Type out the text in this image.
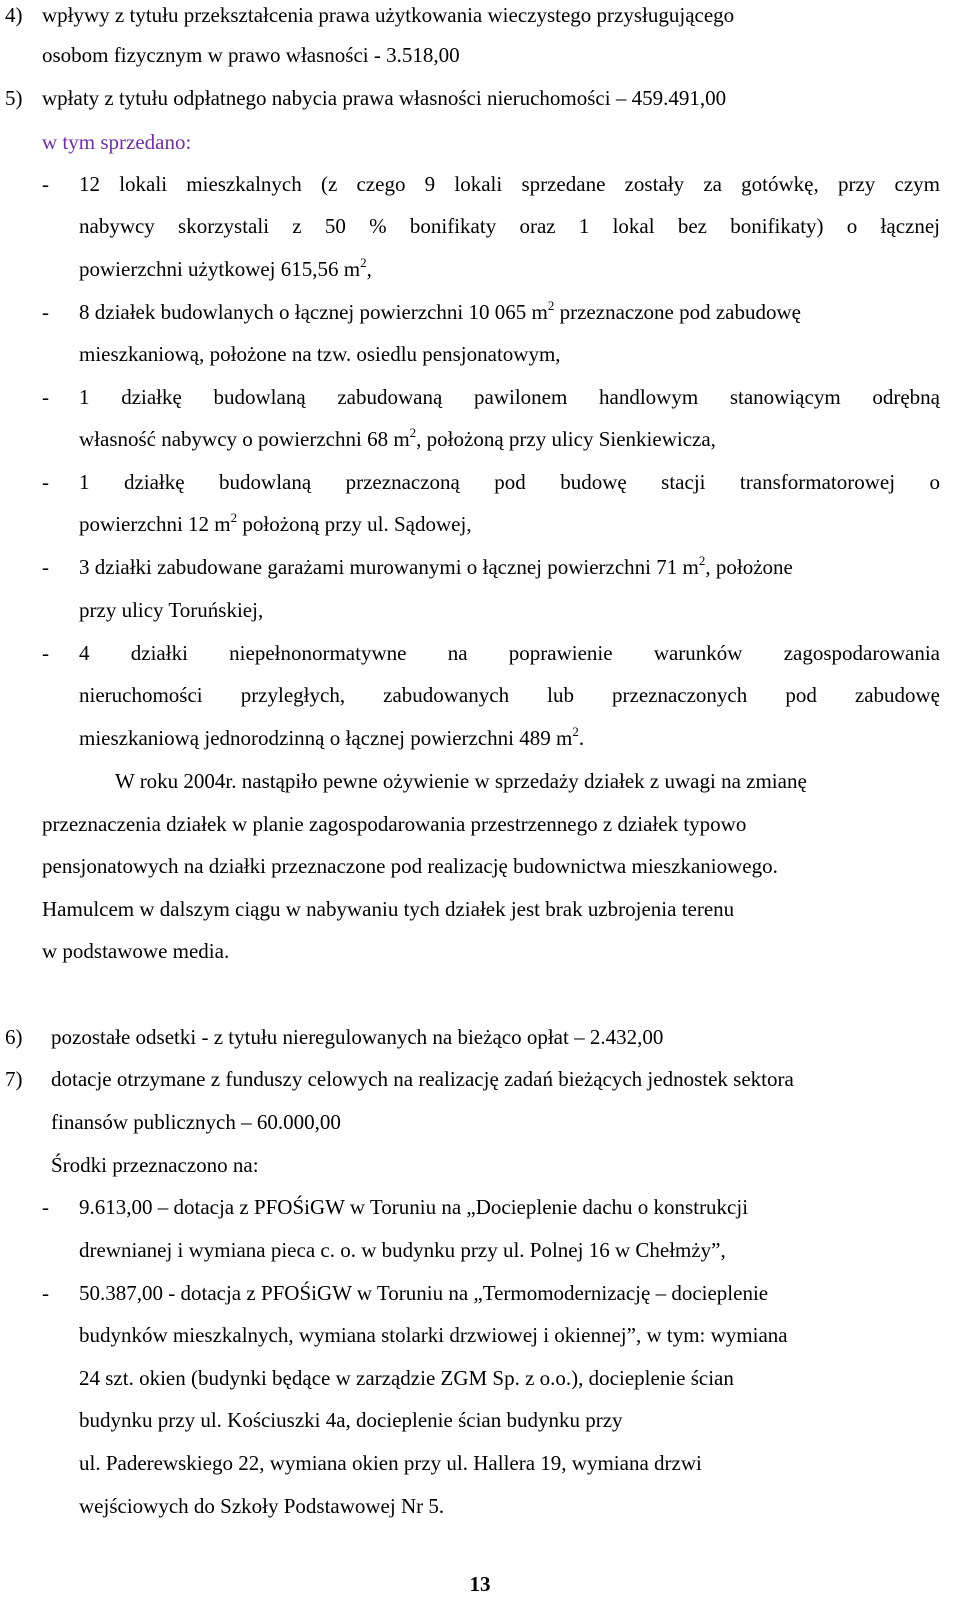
4) wpływy z tytułu przekształcenia prawa użytkowania wieczystego przysługującego
osobom fizycznym w prawo własności - 3.518,00
5) wpłaty z tytułu odpłatnego nabycia prawa własności nieruchomości – 459.491,00
w tym sprzedano:
- 12 lokali mieszkalnych (z czego 9 lokali sprzedane zostały za gotówkę, przy czym
nabywcy skorzystali z 50 % bonifikaty oraz 1 lokal bez bonifikaty) o łącznej
powierzchni użytkowej 615,56 $m^2$,
- 8 działek budowlanych o łącznej powierzchni 10 065 $m^2$ przeznaczone pod zabudowę
mieszkaniową, położone na tzw. osiedlu pensjonatowym,
- 1 działkę budowlaną zabudowaną pawilonem handlowym stanowiącym odrębną
własność nabywcy o powierzchni 68 $m^2$, położoną przy ulicy Sienkiewicza,
- 1 działkę budowlaną przeznaczoną pod budowę stacji transformatorowej o
powierzchni 12 $m^2$ położoną przy ul. Sądowej,
- 3 działki zabudowane garażami murowanymi o łącznej powierzchni 71 $m^2$, położone
przy ulicy Toruńskiej,
- 4 działki niepełnonormatywne na poprawienie warunków zagospodarowania
nieruchomości przyległych, zabudowanych lub przeznaczonych pod zabudowę
mieszkaniową jednorodzinną o łącznej powierzchni 489 $m^2$.
W roku 2004r. nastąpiło pewne ożywienie w sprzedaży działek z uwagi na zmianę
przeznaczenia działek w planie zagospodarowania przestrzennego z działek typowo
pensjonatowych na działki przeznaczone pod realizację budownictwa mieszkaniowego.
Hamulcem w dalszym ciągu w nabywaniu tych działek jest brak uzbrojenia terenu
w podstawowe media.
6) pozostałe odsetki - z tytułu nieregulowanych na bieżąco opłat – 2.432,00
7) dotacje otrzymane z funduszy celowych na realizację zadań bieżących jednostek sektora
finansów publicznych – 60.000,00
Środki przeznaczono na:
- 9.613,00 – dotacja z PFOŚiGW w Toruniu na „Docieplenie dachu o konstrukcji
drewnianej i wymiana pieca c. o. w budynku przy ul. Polnej 16 w Chełmży”,
- 50.387,00 - dotacja z PFOŚiGW w Toruniu na „Termomodernizację – docieplenie
budynków mieszkalnych, wymiana stolarki drzwiowej i okiennej”, w tym: wymiana
24 szt. okien (budynki będące w zarządzie ZGM Sp. z o.o.), docieplenie ścian
budynku przy ul. Kościuszki 4a, docieplenie ścian budynku przy
ul. Paderewskiego 22, wymiana okien przy ul. Hallera 19, wymiana drzwi
wejściowych do Szkoły Podstawowej Nr 5.
13
